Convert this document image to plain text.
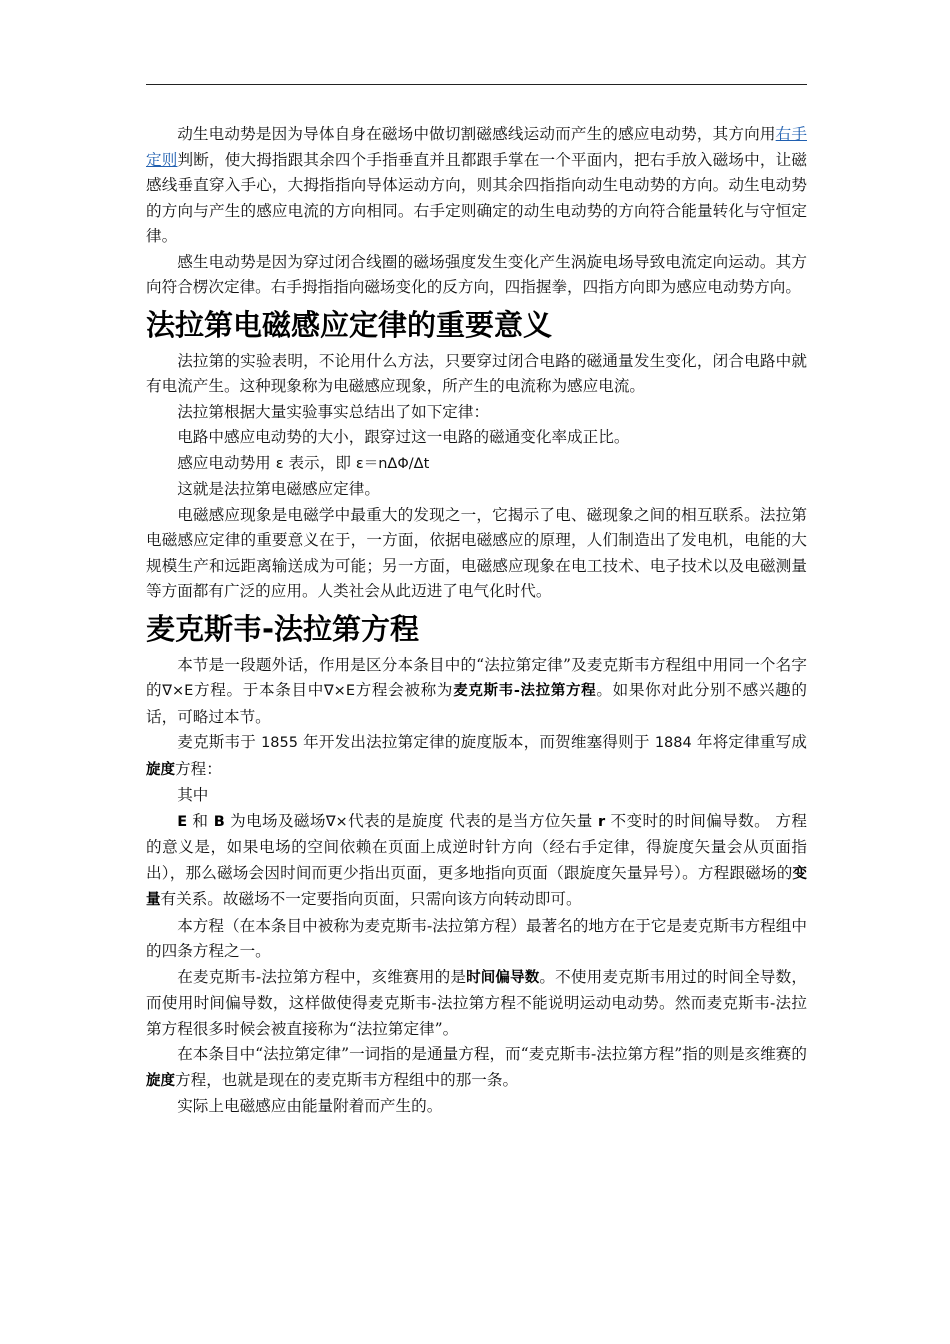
动生电动势是因为导体自身在磁场中做切割磁感线运动而产生的感应电动势，其方向用右手定则判断，使大拇指跟其余四个手指垂直并且都跟手掌在一个平面内，把右手放入磁场中，让磁感线垂直穿入手心，大拇指指向导体运动方向，则其余四指指向动生电动势的方向。动生电动势的方向与产生的感应电流的方向相同。右手定则确定的动生电动势的方向符合能量转化与守恒定律。

感生电动势是因为穿过闭合线圈的磁场强度发生变化产生涡旋电场导致电流定向运动。其方向符合楞次定律。右手拇指指向磁场变化的反方向，四指握拳，四指方向即为感应电动势方向。

法拉第电磁感应定律的重要意义

法拉第的实验表明，不论用什么方法，只要穿过闭合电路的磁通量发生变化，闭合电路中就有电流产生。这种现象称为电磁感应现象，所产生的电流称为感应电流。

法拉第根据大量实验事实总结出了如下定律：

电路中感应电动势的大小，跟穿过这一电路的磁通变化率成正比。

感应电动势用 ε 表示，即 ε＝nΔΦ/Δt

这就是法拉第电磁感应定律。

电磁感应现象是电磁学中最重大的发现之一，它揭示了电、磁现象之间的相互联系。法拉第电磁感应定律的重要意义在于，一方面，依据电磁感应的原理，人们制造出了发电机，电能的大规模生产和远距离输送成为可能；另一方面，电磁感应现象在电工技术、电子技术以及电磁测量等方面都有广泛的应用。人类社会从此迈进了电气化时代。

麦克斯韦-法拉第方程

本节是一段题外话，作用是区分本条目中的“法拉第定律”及麦克斯韦方程组中用同一个名字的∇×E方程。于本条目中∇×E方程会被称为麦克斯韦-法拉第方程。如果你对此分别不感兴趣的话，可略过本节。

麦克斯韦于 1855 年开发出法拉第定律的旋度版本，而贺维塞得则于 1884 年将定律重写成旋度方程：

其中

E 和 B 为电场及磁场∇×代表的是旋度 代表的是当方位矢量 r 不变时的时间偏导数。 方程的意义是，如果电场的空间依赖在页面上成逆时针方向（经右手定律，得旋度矢量会从页面指出），那么磁场会因时间而更少指出页面，更多地指向页面（跟旋度矢量异号）。方程跟磁场的变量有关系。故磁场不一定要指向页面，只需向该方向转动即可。

本方程（在本条目中被称为麦克斯韦-法拉第方程）最著名的地方在于它是麦克斯韦方程组中的四条方程之一。

在麦克斯韦-法拉第方程中，亥维赛用的是时间偏导数。不使用麦克斯韦用过的时间全导数，而使用时间偏导数，这样做使得麦克斯韦-法拉第方程不能说明运动电动势。然而麦克斯韦-法拉第方程很多时候会被直接称为“法拉第定律”。

在本条目中“法拉第定律”一词指的是通量方程，而“麦克斯韦-法拉第方程”指的则是亥维赛的旋度方程，也就是现在的麦克斯韦方程组中的那一条。

实际上电磁感应由能量附着而产生的。
